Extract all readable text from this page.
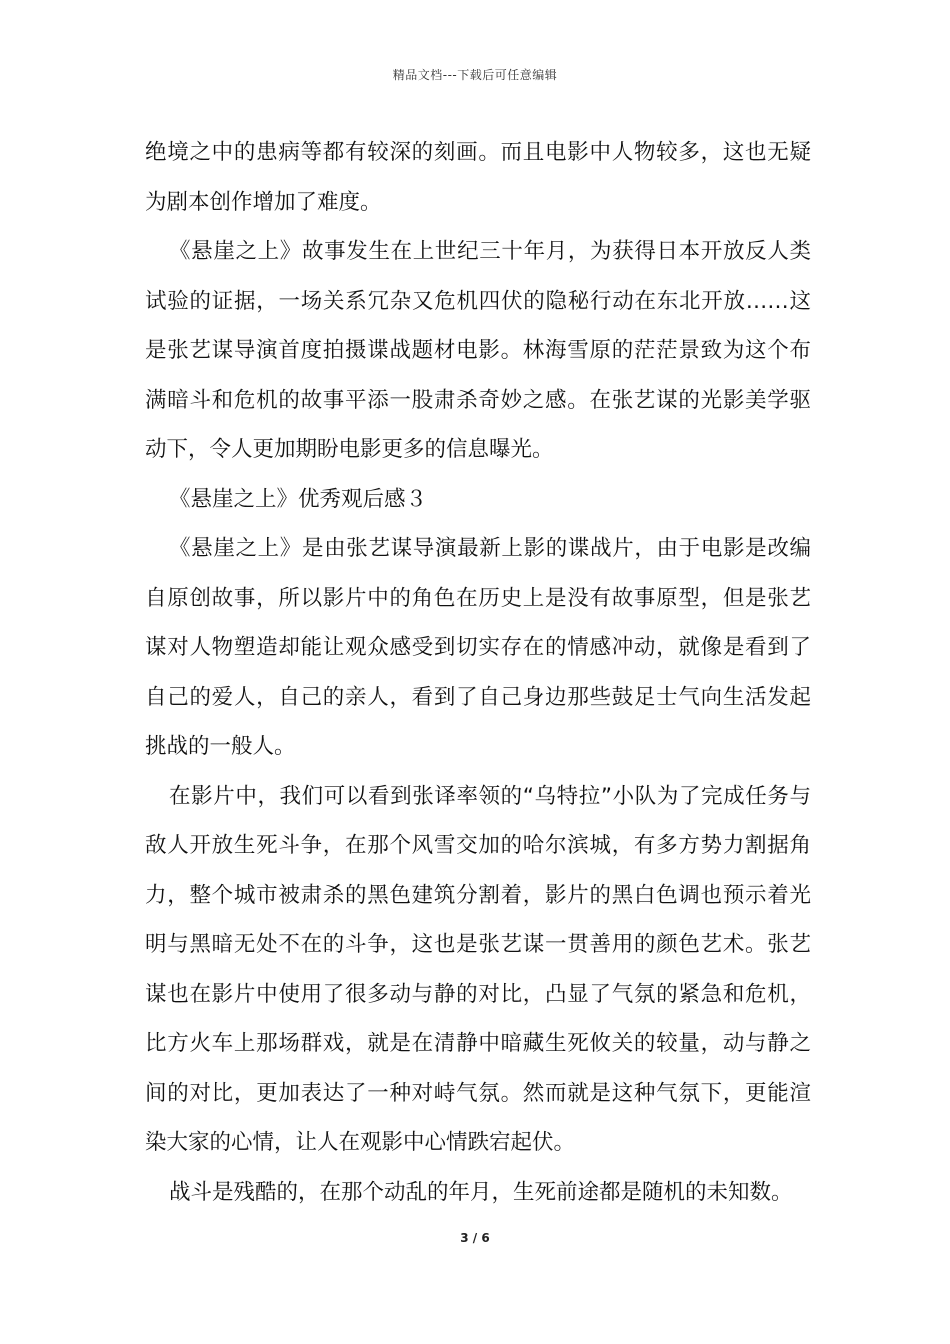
精品文档---下载后可任意编辑

绝境之中的患病等都有较深的刻画。而且电影中人物较多，这也无疑为剧本创作增加了难度。

《悬崖之上》故事发生在上世纪三十年月，为获得日本开放反人类试验的证据，一场关系冗杂又危机四伏的隐秘行动在东北开放……这是张艺谋导演首度拍摄谍战题材电影。林海雪原的茫茫景致为这个布满暗斗和危机的故事平添一股肃杀奇妙之感。在张艺谋的光影美学驱动下，令人更加期盼电影更多的信息曝光。

《悬崖之上》优秀观后感３

《悬崖之上》是由张艺谋导演最新上影的谍战片，由于电影是改编自原创故事，所以影片中的角色在历史上是没有故事原型，但是张艺谋对人物塑造却能让观众感受到切实存在的情感冲动，就像是看到了自己的爱人，自己的亲人，看到了自己身边那些鼓足士气向生活发起挑战的一般人。

在影片中，我们可以看到张译率领的“乌特拉”小队为了完成任务与敌人开放生死斗争，在那个风雪交加的哈尔滨城，有多方势力割据角力，整个城市被肃杀的黑色建筑分割着，影片的黑白色调也预示着光明与黑暗无处不在的斗争，这也是张艺谋一贯善用的颜色艺术。张艺谋也在影片中使用了很多动与静的对比，凸显了气氛的紧急和危机，比方火车上那场群戏，就是在清静中暗藏生死攸关的较量，动与静之间的对比，更加表达了一种对峙气氛。然而就是这种气氛下，更能渲染大家的心情，让人在观影中心情跌宕起伏。

战斗是残酷的，在那个动乱的年月，生死前途都是随机的未知数。

3 / 6
